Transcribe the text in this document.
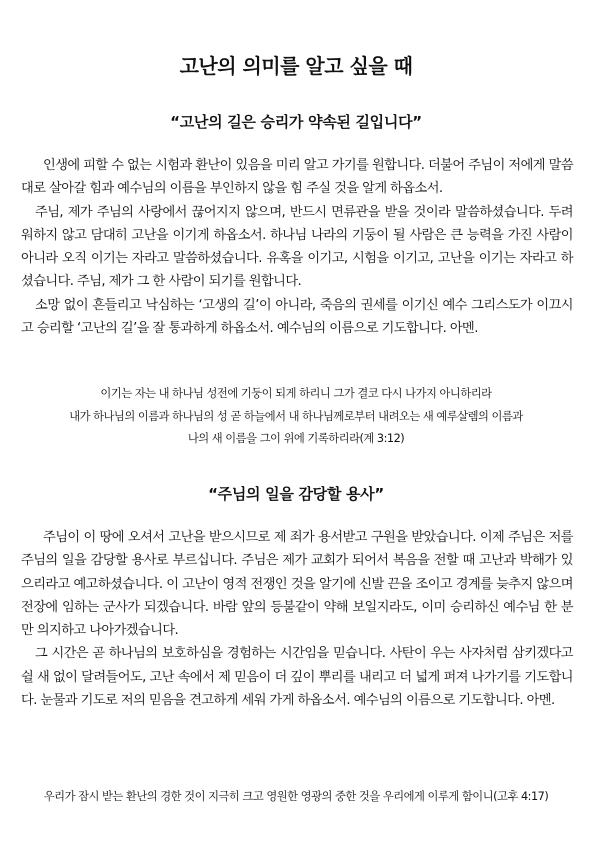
고난의 의미를 알고 싶을 때
“고난의 길은 승리가 약속된 길입니다”

인생에 피할 수 없는 시험과 환난이 있음을 미리 알고 가기를 원합니다. 더불어 주님이 저에게 말씀대로 살아갈 힘과 예수님의 이름을 부인하지 않을 힘 주실 것을 알게 하옵소서.

주님, 제가 주님의 사랑에서 끊어지지 않으며, 반드시 면류관을 받을 것이라 말씀하셨습니다. 두려워하지 않고 담대히 고난을 이기게 하옵소서. 하나님 나라의 기둥이 될 사람은 큰 능력을 가진 사람이 아니라 오직 이기는 자라고 말씀하셨습니다. 유혹을 이기고, 시험을 이기고, 고난을 이기는 자라고 하셨습니다. 주님, 제가 그 한 사람이 되기를 원합니다.

소망 없이 흔들리고 낙심하는 ‘고생의 길’이 아니라, 죽음의 권세를 이기신 예수 그리스도가 이끄시고 승리할 ‘고난의 길’을 잘 통과하게 하옵소서. 예수님의 이름으로 기도합니다. 아멘.

이기는 자는 내 하나님 성전에 기둥이 되게 하리니 그가 결코 다시 나가지 아니하리라
내가 하나님의 이름과 하나님의 성 곧 하늘에서 내 하나님께로부터 내려오는 새 예루살렘의 이름과
나의 새 이름을 그이 위에 기록하리라(계 3:12)
“주님의 일을 감당할 용사”

주님이 이 땅에 오셔서 고난을 받으시므로 제 죄가 용서받고 구원을 받았습니다. 이제 주님은 저를 주님의 일을 감당할 용사로 부르십니다. 주님은 제가 교회가 되어서 복음을 전할 때 고난과 박해가 있으리라고 예고하셨습니다. 이 고난이 영적 전쟁인 것을 알기에 신발 끈을 조이고 경계를 늦추지 않으며 전장에 임하는 군사가 되겠습니다. 바람 앞의 등불같이 약해 보일지라도, 이미 승리하신 예수님 한 분만 의지하고 나아가겠습니다.

그 시간은 곧 하나님의 보호하심을 경험하는 시간임을 믿습니다. 사탄이 우는 사자처럼 삼키겠다고 쉴 새 없이 달려들어도, 고난 속에서 제 믿음이 더 깊이 뿌리를 내리고 더 넓게 퍼져 나가기를 기도합니다. 눈물과 기도로 저의 믿음을 견고하게 세워 가게 하옵소서. 예수님의 이름으로 기도합니다. 아멘.

우리가 잠시 받는 환난의 경한 것이 지극히 크고 영원한 영광의 중한 것을 우리에게 이루게 함이니(고후 4:17)
